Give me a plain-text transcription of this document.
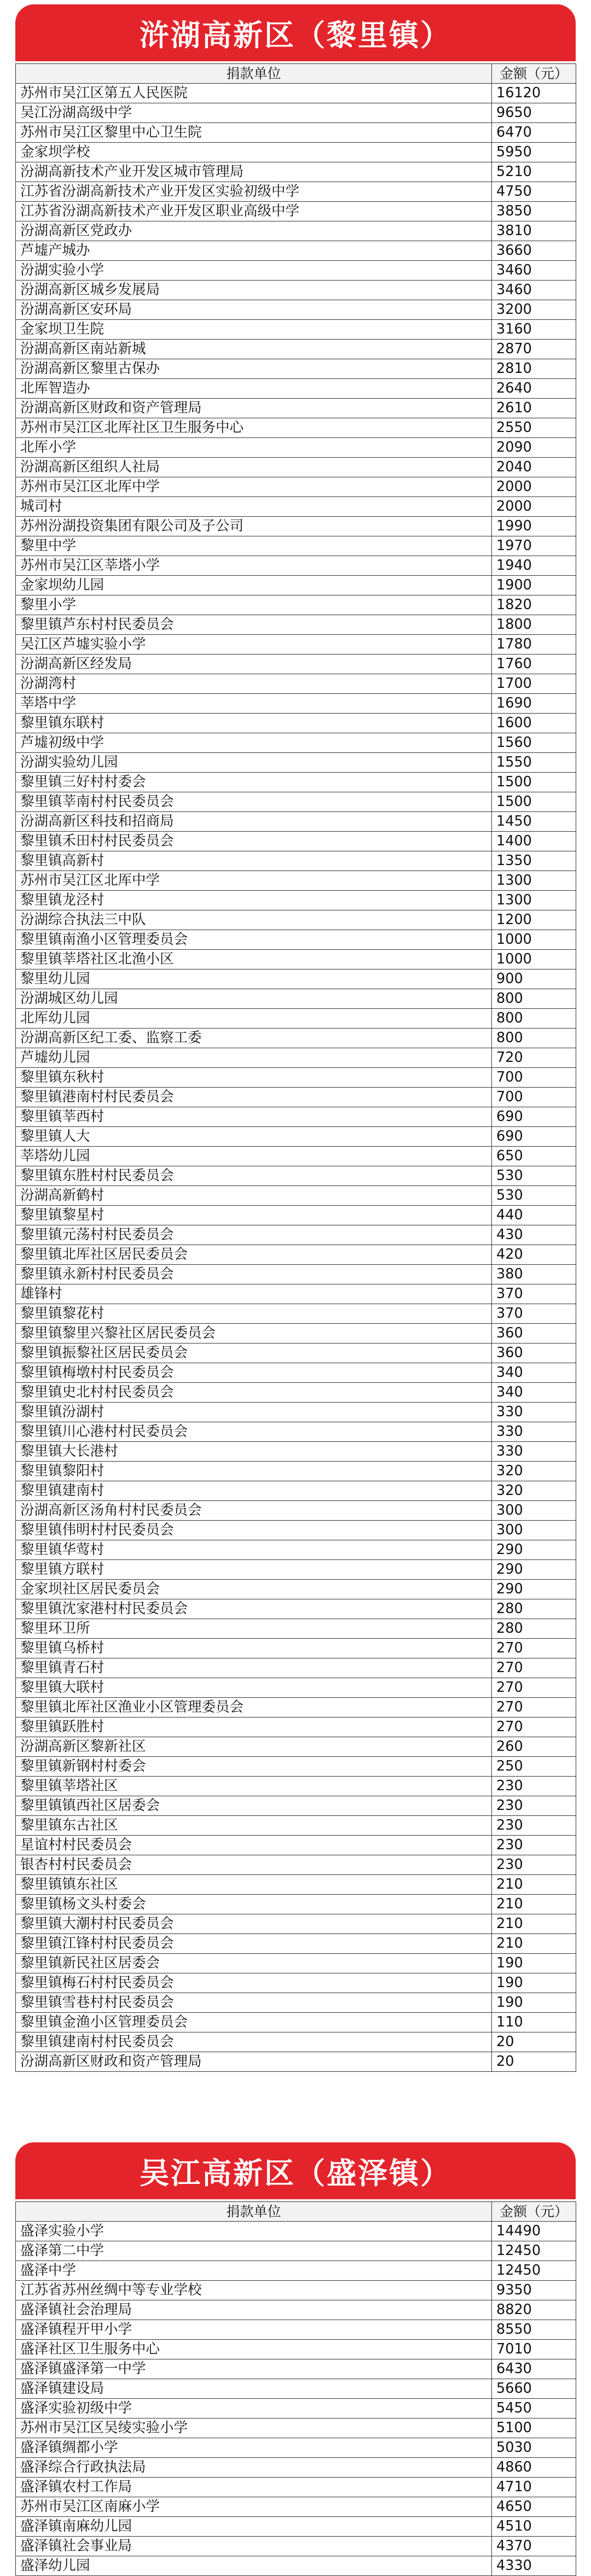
浒湖高新区（黎里镇）
捐款单位	金额（元）
苏州市吴江区第五人民医院	16120
吴江汾湖高级中学	9650
苏州市吴江区黎里中心卫生院	6470
金家坝学校	5950
汾湖高新技术产业开发区城市管理局	5210
江苏省汾湖高新技术产业开发区实验初级中学	4750
江苏省汾湖高新技术产业开发区职业高级中学	3850
汾湖高新区党政办	3810
芦墟产城办	3660
汾湖实验小学	3460
汾湖高新区城乡发展局	3460
汾湖高新区安环局	3200
金家坝卫生院	3160
汾湖高新区南站新城	2870
汾湖高新区黎里古保办	2810
北厍智造办	2640
汾湖高新区财政和资产管理局	2610
苏州市吴江区北厍社区卫生服务中心	2550
北厍小学	2090
汾湖高新区组织人社局	2040
苏州市吴江区北厍中学	2000
城司村	2000
苏州汾湖投资集团有限公司及子公司	1990
黎里中学	1970
苏州市吴江区莘塔小学	1940
金家坝幼儿园	1900
黎里小学	1820
黎里镇芦东村村民委员会	1800
吴江区芦墟实验小学	1780
汾湖高新区经发局	1760
汾湖湾村	1700
莘塔中学	1690
黎里镇东联村	1600
芦墟初级中学	1560
汾湖实验幼儿园	1550
黎里镇三好村村委会	1500
黎里镇莘南村村民委员会	1500
汾湖高新区科技和招商局	1450
黎里镇禾田村村民委员会	1400
黎里镇高新村	1350
苏州市吴江区北厍中学	1300
黎里镇龙泾村	1300
汾湖综合执法三中队	1200
黎里镇南渔小区管理委员会	1000
黎里镇莘塔社区北渔小区	1000
黎里幼儿园	900
汾湖城区幼儿园	800
北厍幼儿园	800
汾湖高新区纪工委、监察工委	800
芦墟幼儿园	720
黎里镇东秋村	700
黎里镇港南村村民委员会	700
黎里镇莘西村	690
黎里镇人大	690
莘塔幼儿园	650
黎里镇东胜村村民委员会	530
汾湖高新鹤村	530
黎里镇黎星村	440
黎里镇元荡村村民委员会	430
黎里镇北厍社区居民委员会	420
黎里镇永新村村民委员会	380
雄锋村	370
黎里镇黎花村	370
黎里镇黎里兴黎社区居民委员会	360
黎里镇振黎社区居民委员会	360
黎里镇梅墩村村民委员会	340
黎里镇史北村村民委员会	340
黎里镇汾湖村	330
黎里镇川心港村村民委员会	330
黎里镇大长港村	330
黎里镇黎阳村	320
黎里镇建南村	320
汾湖高新区汤角村村民委员会	300
黎里镇伟明村村民委员会	300
黎里镇华莺村	290
黎里镇方联村	290
金家坝社区居民委员会	290
黎里镇沈家港村村民委员会	280
黎里环卫所	280
黎里镇乌桥村	270
黎里镇青石村	270
黎里镇大联村	270
黎里镇北厍社区渔业小区管理委员会	270
黎里镇跃胜村	270
汾湖高新区黎新社区	260
黎里镇新钢村村委会	250
黎里镇莘塔社区	230
黎里镇镇西社区居委会	230
黎里镇东古社区	230
星谊村村民委员会	230
银杏村村民委员会	230
黎里镇镇东社区	210
黎里镇杨文头村委会	210
黎里镇大潮村村民委员会	210
黎里镇江锋村村民委员会	210
黎里镇新民社区居委会	190
黎里镇梅石村村民委员会	190
黎里镇雪巷村村民委员会	190
黎里镇金渔小区管理委员会	110
黎里镇建南村村民委员会	20
汾湖高新区财政和资产管理局	20
吴江高新区（盛泽镇）
捐款单位	金额（元）
盛泽实验小学	14490
盛泽第二中学	12450
盛泽中学	12450
江苏省苏州丝绸中等专业学校	9350
盛泽镇社会治理局	8820
盛泽镇程开甲小学	8550
盛泽社区卫生服务中心	7010
盛泽镇盛泽第一中学	6430
盛泽镇建设局	5660
盛泽实验初级中学	5450
苏州市吴江区吴绫实验小学	5100
盛泽镇绸都小学	5030
盛泽综合行政执法局	4860
盛泽镇农村工作局	4710
苏州市吴江区南麻小学	4650
盛泽镇南麻幼儿园	4510
盛泽镇社会事业局	4370
盛泽幼儿园	4330
